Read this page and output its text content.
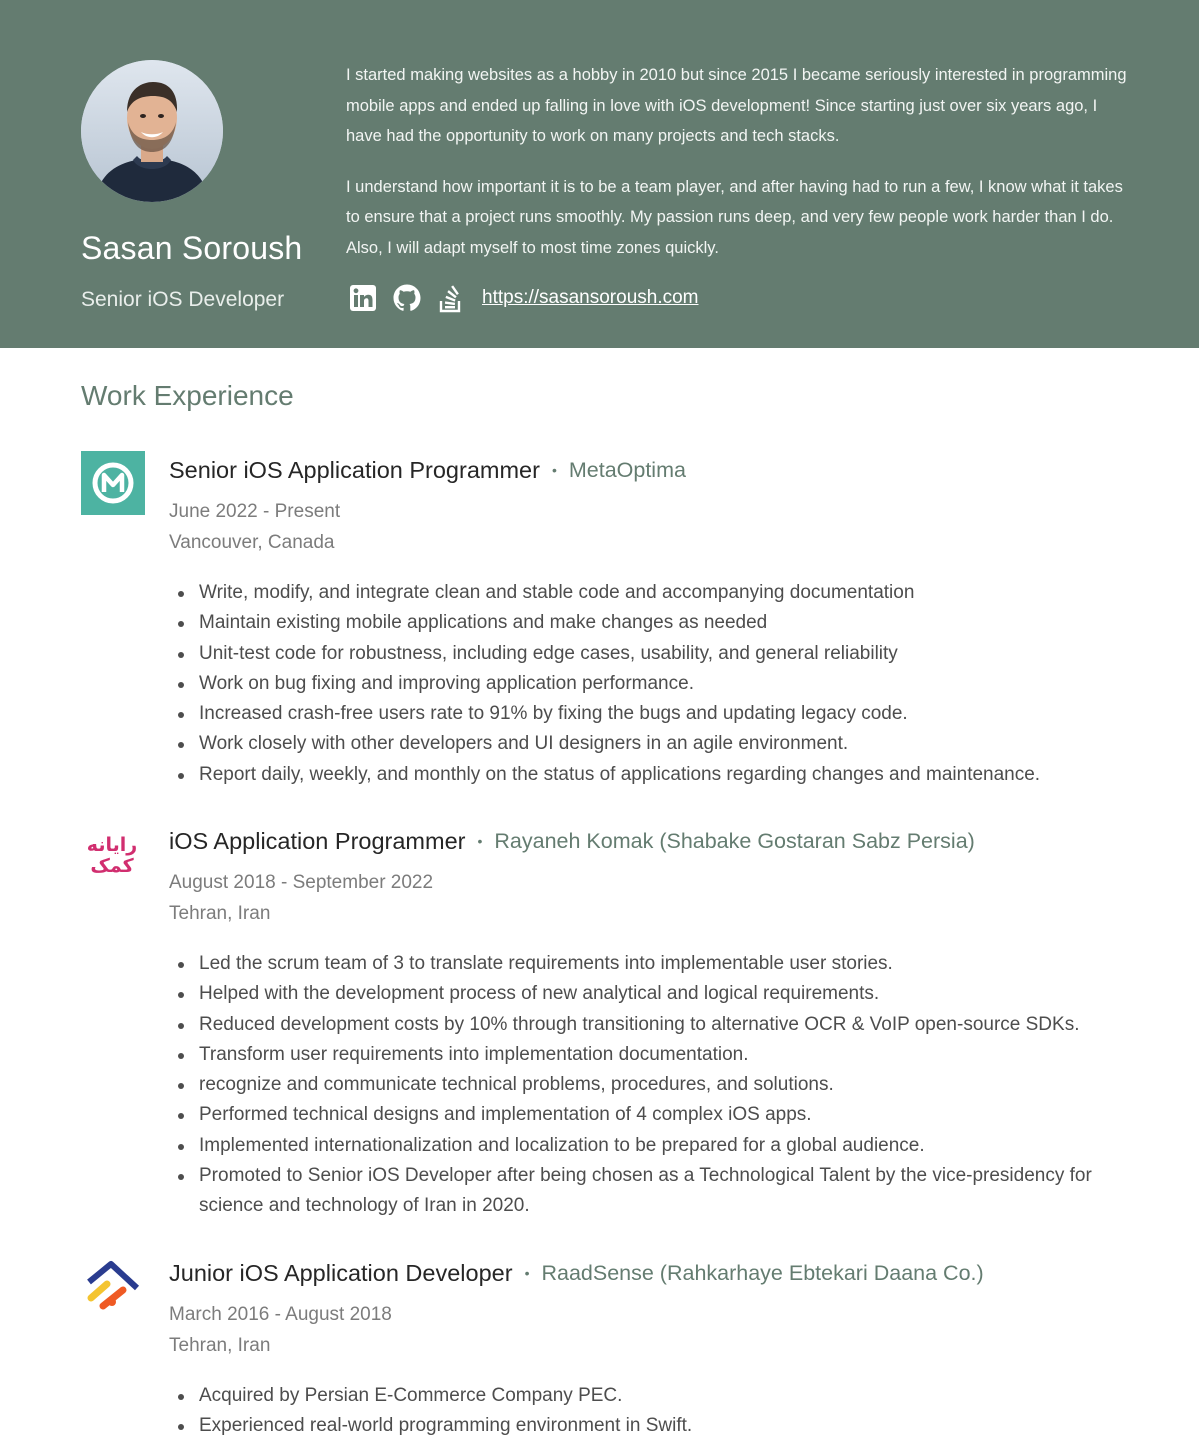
Sasan Soroush
Senior iOS Developer

I started making websites as a hobby in 2010 but since 2015 I became seriously interested in programming mobile apps and ended up falling in love with iOS development! Since starting just over six years ago, I have had the opportunity to work on many projects and tech stacks.

I understand how important it is to be a team player, and after having had to run a few, I know what it takes to ensure that a project runs smoothly. My passion runs deep, and very few people work harder than I do. Also, I will adapt myself to most time zones quickly.

https://sasansoroush.com
Work Experience
Senior iOS Application Programmer • MetaOptima
June 2022 - Present
Vancouver, Canada
Write, modify, and integrate clean and stable code and accompanying documentation
Maintain existing mobile applications and make changes as needed
Unit-test code for robustness, including edge cases, usability, and general reliability
Work on bug fixing and improving application performance.
Increased crash-free users rate to 91% by fixing the bugs and updating legacy code.
Work closely with other developers and UI designers in an agile environment.
Report daily, weekly, and monthly on the status of applications regarding changes and maintenance.
رایانه
کمک
iOS Application Programmer • Rayaneh Komak (Shabake Gostaran Sabz Persia)
August 2018 - September 2022
Tehran, Iran
Led the scrum team of 3 to translate requirements into implementable user stories.
Helped with the development process of new analytical and logical requirements.
Reduced development costs by 10% through transitioning to alternative OCR & VoIP open-source SDKs.
Transform user requirements into implementation documentation.
recognize and communicate technical problems, procedures, and solutions.
Performed technical designs and implementation of 4 complex iOS apps.
Implemented internationalization and localization to be prepared for a global audience.
Promoted to Senior iOS Developer after being chosen as a Technological Talent by the vice-presidency for science and technology of Iran in 2020.
Junior iOS Application Developer • RaadSense (Rahkarhaye Ebtekari Daana Co.)
March 2016 - August 2018
Tehran, Iran
Acquired by Persian E-Commerce Company PEC.
Experienced real-world programming environment in Swift.
